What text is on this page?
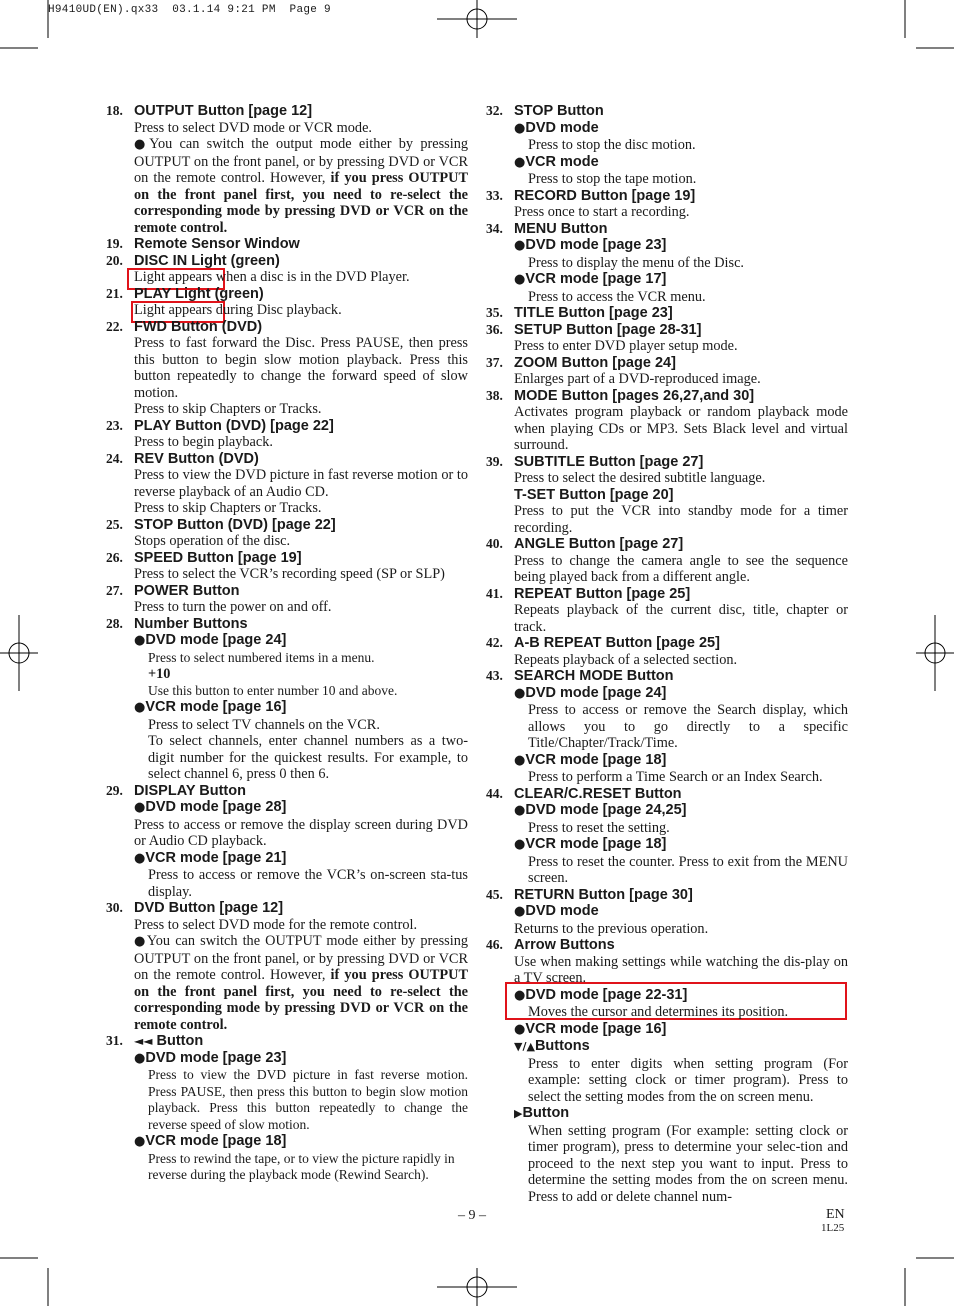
H9410UD(EN).qx33  03.1.14 9:21 PM  Page 9
18. OUTPUT Button [page 12]
Press to select DVD mode or VCR mode.
●You can switch the output mode either by pressing OUTPUT on the front panel, or by pressing DVD or VCR on the remote control. However, if you press OUTPUT on the front panel first, you need to re-select the corresponding mode by pressing DVD or VCR on the remote control.
19. Remote Sensor Window
20. DISC IN Light (green)
Light appears when a disc is in the DVD Player.
21. PLAY Light (green)
Light appears during Disc playback.
22. FWD Button (DVD)
Press to fast forward the Disc. Press PAUSE, then press this button to begin slow motion playback. Press this button repeatedly to change the forward speed of slow motion.
Press to skip Chapters or Tracks.
23. PLAY Button (DVD) [page 22]
Press to begin playback.
24. REV Button (DVD)
Press to view the DVD picture in fast reverse motion or to reverse playback of an Audio CD.
Press to skip Chapters or Tracks.
25. STOP Button (DVD) [page 22]
Stops operation of the disc.
26. SPEED Button [page 19]
Press to select the VCR’s recording speed (SP or SLP)
27. POWER Button
Press to turn the power on and off.
28. Number Buttons
●DVD mode [page 24]
Press to select numbered items in a menu.
+10
Use this button to enter number 10 and above.
●VCR mode [page 16]
Press to select TV channels on the VCR.
To select channels, enter channel numbers as a two-digit number for the quickest results. For example, to select channel 6, press 0 then 6.
29. DISPLAY Button
●DVD mode [page 28]
Press to access or remove the display screen during DVD or Audio CD playback.
●VCR mode [page 21]
Press to access or remove the VCR’s on-screen sta-tus display.
30. DVD Button [page 12]
Press to select DVD mode for the remote control.
●You can switch the OUTPUT mode either by pressing OUTPUT on the front panel, or by pressing DVD or VCR on the remote control. However, if you press OUTPUT on the front panel first, you need to re-select the corresponding mode by pressing DVD or VCR on the remote control.
31. ◄◄ Button
●DVD mode [page 23]
Press to view the DVD picture in fast reverse motion. Press PAUSE, then press this button to begin slow motion playback. Press this button repeatedly to change the reverse speed of slow motion.
●VCR mode [page 18]
Press to rewind the tape, or to view the picture rapidly in reverse during the playback mode (Rewind Search).
32. STOP Button
●DVD mode
Press to stop the disc motion.
●VCR mode
Press to stop the tape motion.
33. RECORD Button [page 19]
Press once to start a recording.
34. MENU Button
●DVD mode [page 23]
Press to display the menu of the Disc.
●VCR mode [page 17]
Press to access the VCR menu.
35. TITLE Button [page 23]
36. SETUP Button [page 28-31]
Press to enter DVD player setup mode.
37. ZOOM Button [page 24]
Enlarges part of a DVD-reproduced image.
38. MODE Button [pages 26,27,and 30]
Activates program playback or random playback mode when playing CDs or MP3. Sets Black level and virtual surround.
39. SUBTITLE Button [page 27]
Press to select the desired subtitle language.
T-SET Button [page 20]
Press to put the VCR into standby mode for a timer recording.
40. ANGLE Button [page 27]
Press to change the camera angle to see the sequence being played back from a different angle.
41. REPEAT Button [page 25]
Repeats playback of the current disc, title, chapter or track.
42. A-B REPEAT Button [page 25]
Repeats playback of a selected section.
43. SEARCH MODE Button
●DVD mode [page 24]
Press to access or remove the Search display, which allows you to go directly to a specific Title/Chapter/Track/Time.
●VCR mode [page 18]
Press to perform a Time Search or an Index Search.
44. CLEAR/C.RESET Button
●DVD mode [page 24,25]
Press to reset the setting.
●VCR mode [page 18]
Press to reset the counter. Press to exit from the MENU screen.
45. RETURN Button [page 30]
●DVD mode
Returns to the previous operation.
46. Arrow Buttons
Use when making settings while watching the dis-play on a TV screen.
●DVD mode [page 22-31]
Moves the cursor and determines its position.
●VCR mode [page 16]
▼/▲Buttons
Press to enter digits when setting program (For example: setting clock or timer program). Press to select the setting modes from the on screen menu.
▶Button
When setting program (For example: setting clock or timer program), press to determine your selec-tion and proceed to the next step you want to input. Press to determine the setting modes from the on screen menu. Press to add or delete channel num-
– 9 –	EN
1L25
